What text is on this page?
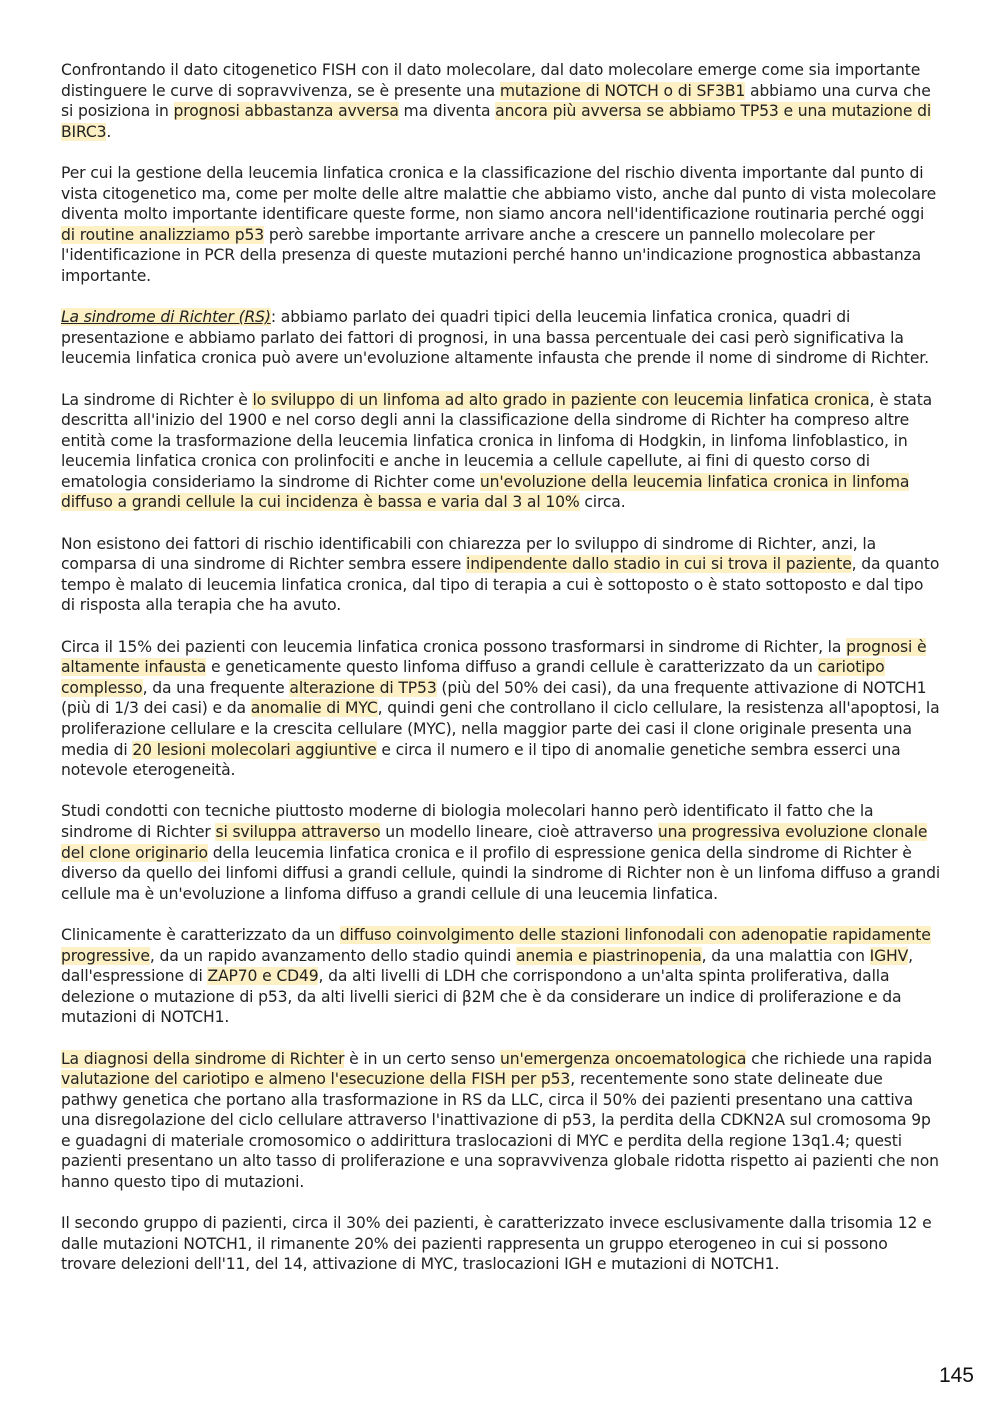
Confrontando il dato citogenetico FISH con il dato molecolare, dal dato molecolare emerge come sia importante distinguere le curve di sopravvivenza, se è presente una mutazione di NOTCH o di SF3B1 abbiamo una curva che si posiziona in prognosi abbastanza avversa ma diventa ancora più avversa se abbiamo TP53 e una mutazione di BIRC3.

Per cui la gestione della leucemia linfatica cronica e la classificazione del rischio diventa importante dal punto di vista citogenetico ma, come per molte delle altre malattie che abbiamo visto, anche dal punto di vista molecolare diventa molto importante identificare queste forme, non siamo ancora nell'identificazione routinaria perché oggi di routine analizziamo p53 però sarebbe importante arrivare anche a crescere un pannello molecolare per l'identificazione in PCR della presenza di queste mutazioni perché hanno un'indicazione prognostica abbastanza importante.

La sindrome di Richter (RS): abbiamo parlato dei quadri tipici della leucemia linfatica cronica, quadri di presentazione e abbiamo parlato dei fattori di prognosi, in una bassa percentuale dei casi però significativa la leucemia linfatica cronica può avere un'evoluzione altamente infausta che prende il nome di sindrome di Richter.

La sindrome di Richter è lo sviluppo di un linfoma ad alto grado in paziente con leucemia linfatica cronica, è stata descritta all'inizio del 1900 e nel corso degli anni la classificazione della sindrome di Richter ha compreso altre entità come la trasformazione della leucemia linfatica cronica in linfoma di Hodgkin, in linfoma linfoblastico, in leucemia linfatica cronica con prolinfociti e anche in leucemia a cellule capellute, ai fini di questo corso di ematologia consideriamo la sindrome di Richter come un'evoluzione della leucemia linfatica cronica in linfoma diffuso a grandi cellule la cui incidenza è bassa e varia dal 3 al 10% circa.

Non esistono dei fattori di rischio identificabili con chiarezza per lo sviluppo di sindrome di Richter, anzi, la comparsa di una sindrome di Richter sembra essere indipendente dallo stadio in cui si trova il paziente, da quanto tempo è malato di leucemia linfatica cronica, dal tipo di terapia a cui è sottoposto o è stato sottoposto e dal tipo di risposta alla terapia che ha avuto.

Circa il 15% dei pazienti con leucemia linfatica cronica possono trasformarsi in sindrome di Richter, la prognosi è altamente infausta e geneticamente questo linfoma diffuso a grandi cellule è caratterizzato da un cariotipo complesso, da una frequente alterazione di TP53 (più del 50% dei casi), da una frequente attivazione di NOTCH1 (più di 1/3 dei casi) e da anomalie di MYC, quindi geni che controllano il ciclo cellulare, la resistenza all'apoptosi, la proliferazione cellulare e la crescita cellulare (MYC), nella maggior parte dei casi il clone originale presenta una media di 20 lesioni molecolari aggiuntive e circa il numero e il tipo di anomalie genetiche sembra esserci una notevole eterogeneità.

Studi condotti con tecniche piuttosto moderne di biologia molecolari hanno però identificato il fatto che la sindrome di Richter si sviluppa attraverso un modello lineare, cioè attraverso una progressiva evoluzione clonale del clone originario della leucemia linfatica cronica e il profilo di espressione genica della sindrome di Richter è diverso da quello dei linfomi diffusi a grandi cellule, quindi la sindrome di Richter non è un linfoma diffuso a grandi cellule ma è un'evoluzione a linfoma diffuso a grandi cellule di una leucemia linfatica.

Clinicamente è caratterizzato da un diffuso coinvolgimento delle stazioni linfonodali con adenopatie rapidamente progressive, da un rapido avanzamento dello stadio quindi anemia e piastrinopenia, da una malattia con IGHV, dall'espressione di ZAP70 e CD49, da alti livelli di LDH che corrispondono a un'alta spinta proliferativa, dalla delezione o mutazione di p53, da alti livelli sierici di β2M che è da considerare un indice di proliferazione e da mutazioni di NOTCH1.

La diagnosi della sindrome di Richter è in un certo senso un'emergenza oncoematologica che richiede una rapida valutazione del cariotipo e almeno l'esecuzione della FISH per p53, recentemente sono state delineate due pathwy genetica che portano alla trasformazione in RS da LLC, circa il 50% dei pazienti presentano una cattiva una disregolazione del ciclo cellulare attraverso l'inattivazione di p53, la perdita della CDKN2A sul cromosoma 9p e guadagni di materiale cromosomico o addirittura traslocazioni di MYC e perdita della regione 13q1.4; questi pazienti presentano un alto tasso di proliferazione e una sopravvivenza globale ridotta rispetto ai pazienti che non hanno questo tipo di mutazioni.

Il secondo gruppo di pazienti, circa il 30% dei pazienti, è caratterizzato invece esclusivamente dalla trisomia 12 e dalle mutazioni NOTCH1, il rimanente 20% dei pazienti rappresenta un gruppo eterogeneo in cui si possono trovare delezioni dell'11, del 14, attivazione di MYC, traslocazioni IGH e mutazioni di NOTCH1.

145
